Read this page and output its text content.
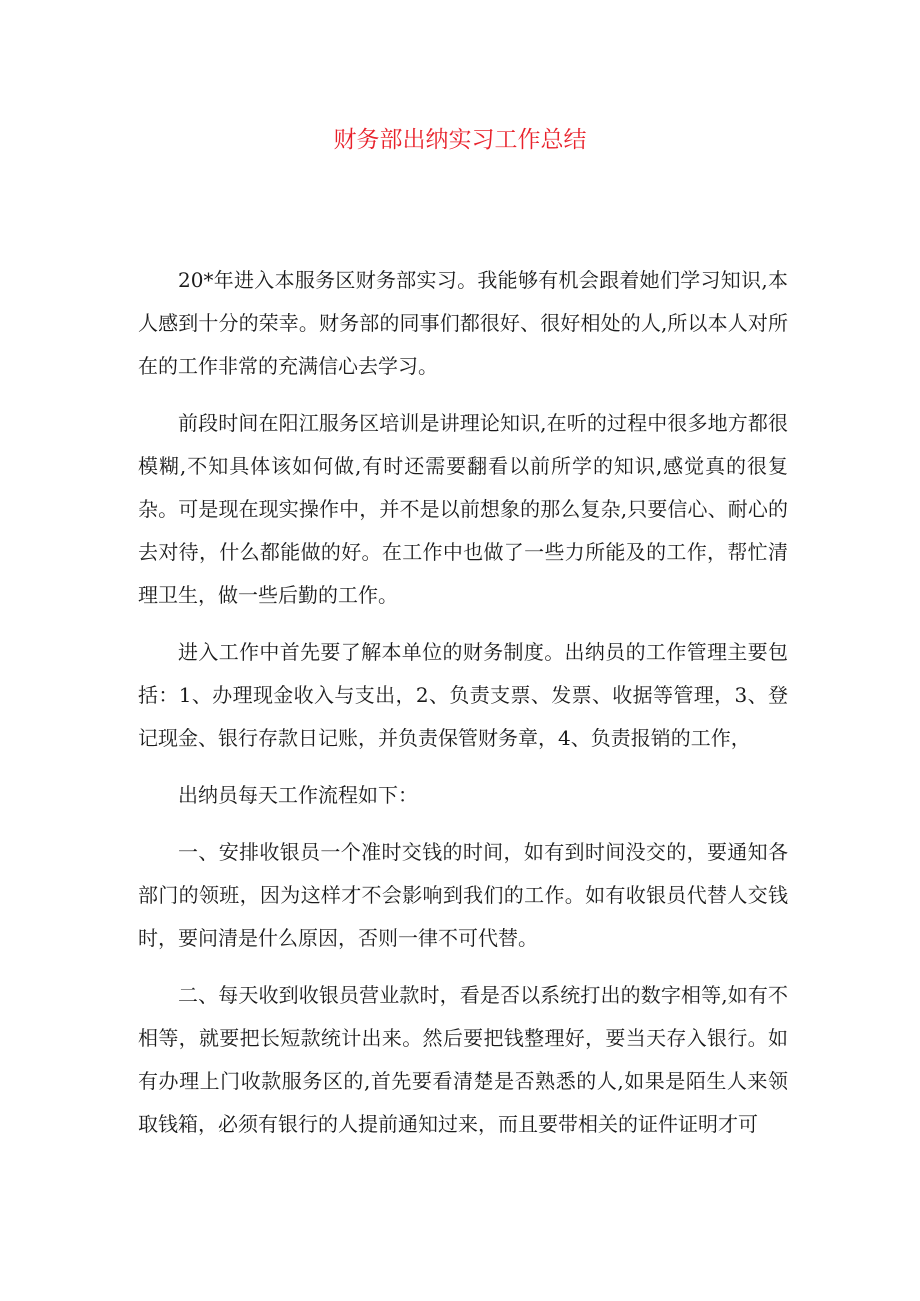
财务部出纳实习工作总结

20*年进入本服务区财务部实习。我能够有机会跟着她们学习知识,本人感到十分的荣幸。财务部的同事们都很好、很好相处的人,所以本人对所在的工作非常的充满信心去学习。

前段时间在阳江服务区培训是讲理论知识,在听的过程中很多地方都很模糊,不知具体该如何做,有时还需要翻看以前所学的知识,感觉真的很复杂。可是现在现实操作中，并不是以前想象的那么复杂,只要信心、耐心的去对待，什么都能做的好。在工作中也做了一些力所能及的工作，帮忙清理卫生，做一些后勤的工作。

进入工作中首先要了解本单位的财务制度。出纳员的工作管理主要包括：1、办理现金收入与支出，2、负责支票、发票、收据等管理，3、登记现金、银行存款日记账，并负责保管财务章，4、负责报销的工作，

出纳员每天工作流程如下：

一、安排收银员一个准时交钱的时间，如有到时间没交的，要通知各部门的领班，因为这样才不会影响到我们的工作。如有收银员代替人交钱时，要问清是什么原因，否则一律不可代替。

二、每天收到收银员营业款时，看是否以系统打出的数字相等,如有不相等，就要把长短款统计出来。然后要把钱整理好，要当天存入银行。如有办理上门收款服务区的,首先要看清楚是否熟悉的人,如果是陌生人来领取钱箱，必须有银行的人提前通知过来，而且要带相关的证件证明才可
